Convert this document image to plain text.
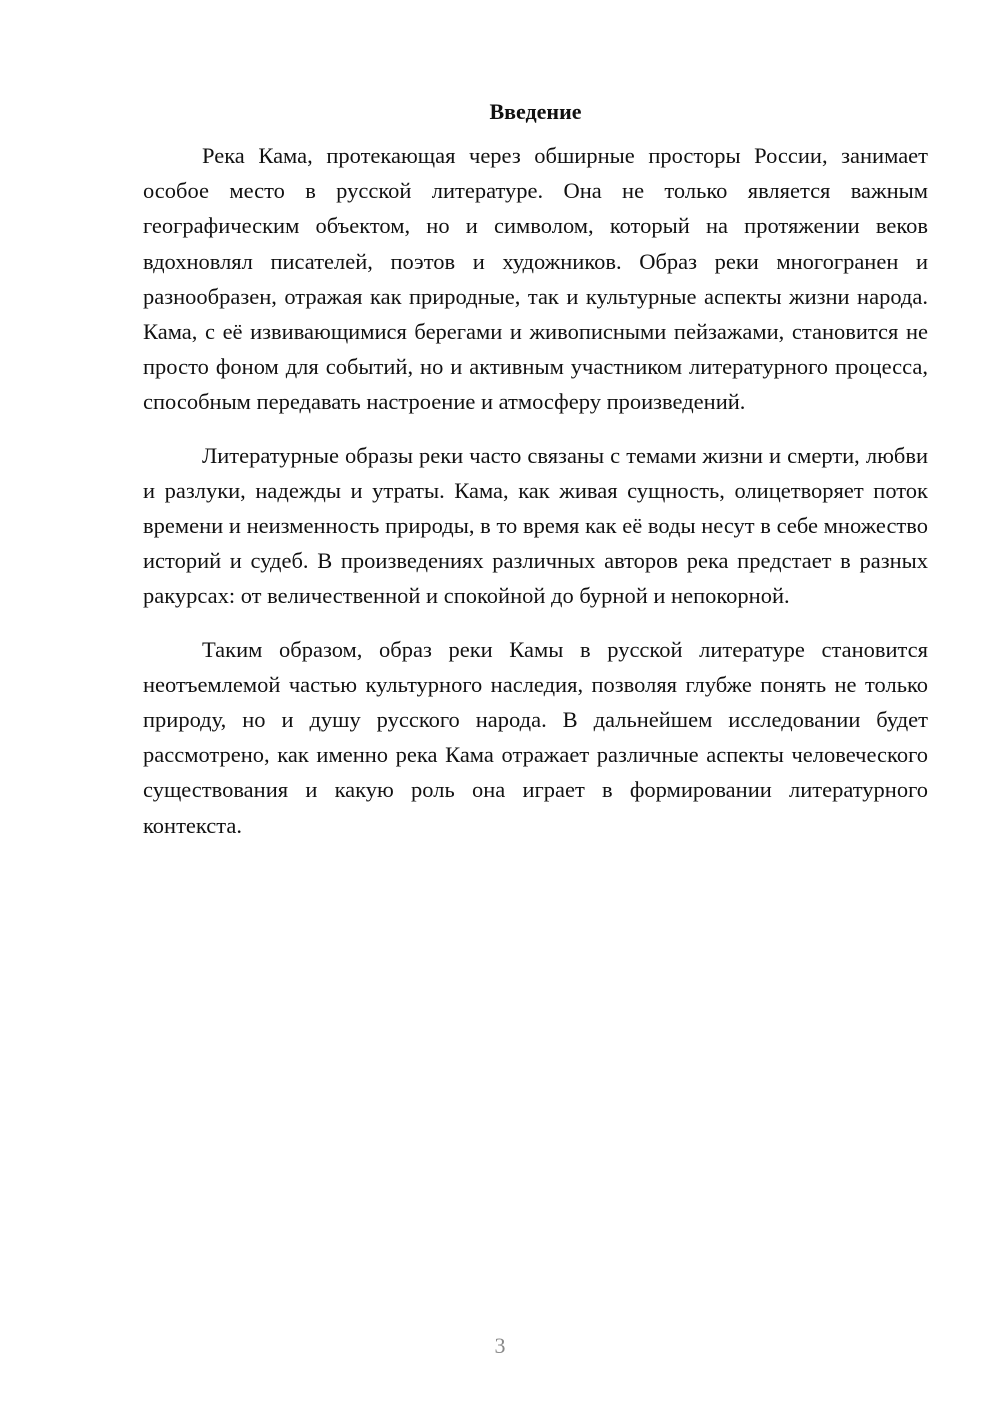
Введение

Река Кама, протекающая через обширные просторы России, занимает особое место в русской литературе. Она не только является важным географическим объектом, но и символом, который на протяжении веков вдохновлял писателей, поэтов и художников. Образ реки многогранен и разнообразен, отражая как природные, так и культурные аспекты жизни народа. Кама, с её извивающимися берегами и живописными пейзажами, становится не просто фоном для событий, но и активным участником литературного процесса, способным передавать настроение и атмосферу произведений.

Литературные образы реки часто связаны с темами жизни и смерти, любви и разлуки, надежды и утраты. Кама, как живая сущность, олицетворяет поток времени и неизменность природы, в то время как её воды несут в себе множество историй и судеб. В произведениях различных авторов река предстает в разных ракурсах: от величественной и спокойной до бурной и непокорной.

Таким образом, образ реки Камы в русской литературе становится неотъемлемой частью культурного наследия, позволяя глубже понять не только природу, но и душу русского народа. В дальнейшем исследовании будет рассмотрено, как именно река Кама отражает различные аспекты человеческого существования и какую роль она играет в формировании литературного контекста.

3
